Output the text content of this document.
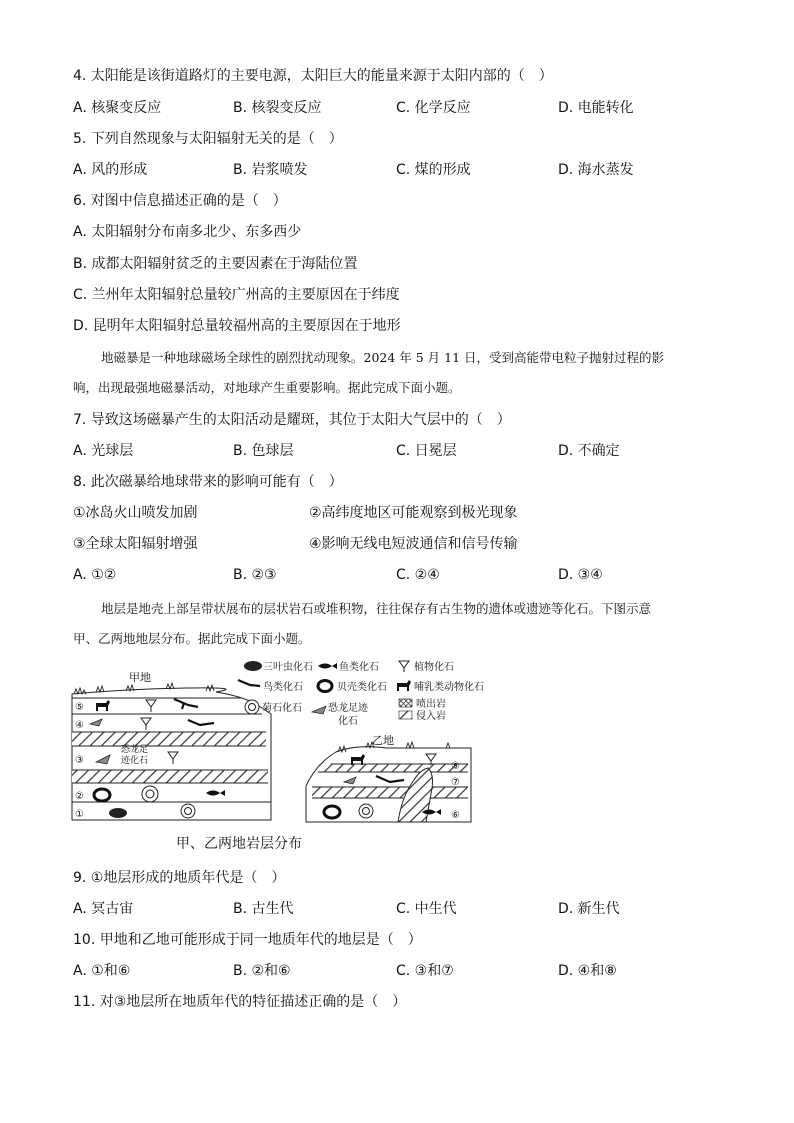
4. 太阳能是该街道路灯的主要电源，太阳巨大的能量来源于太阳内部的（　）
A. 核聚变反应	B. 核裂变反应	C. 化学反应	D. 电能转化
5. 下列自然现象与太阳辐射无关的是（　）
A. 风的形成	B. 岩浆喷发	C. 煤的形成	D. 海水蒸发
6. 对图中信息描述正确的是（　）
A. 太阳辐射分布南多北少、东多西少
B. 成都太阳辐射贫乏的主要因素在于海陆位置
C. 兰州年太阳辐射总量较广州高的主要原因在于纬度
D. 昆明年太阳辐射总量较福州高的主要原因在于地形
地磁暴是一种地球磁场全球性的剧烈扰动现象。2024 年 5 月 11 日，受到高能带电粒子抛射过程的影
响，出现最强地磁暴活动，对地球产生重要影响。据此完成下面小题。
7. 导致这场磁暴产生的太阳活动是耀斑，其位于太阳大气层中的（　）
A. 光球层	B. 色球层	C. 日冕层	D. 不确定
8. 此次磁暴给地球带来的影响可能有（　）
①冰岛火山喷发加剧	②高纬度地区可能观察到极光现象
③全球太阳辐射增强	④影响无线电短波通信和信号传输
A. ①②	B. ②③	C. ②④	D. ③④
地层是地壳上部呈带状展布的层状岩石或堆积物，往往保存有古生物的遗体或遗迹等化石。下图示意
甲、乙两地地层分布。据此完成下面小题。
⑤
④
③
②
①
恐龙足
迹化石
甲地
⑧
⑦
⑥
乙地
三叶虫化石	鱼类化石	植物化石
鸟类化石	贝壳类化石	哺乳类动物化石
菊石化石	恐龙足迹
化石
喷出岩
侵入岩
甲、乙两地岩层分布
9. ①地层形成的地质年代是（　）
A. 冥古宙	B. 古生代	C. 中生代	D. 新生代
10. 甲地和乙地可能形成于同一地质年代的地层是（　）
A. ①和⑥	B. ②和⑥	C. ③和⑦	D. ④和⑧
11. 对③地层所在地质年代的特征描述正确的是（　）
